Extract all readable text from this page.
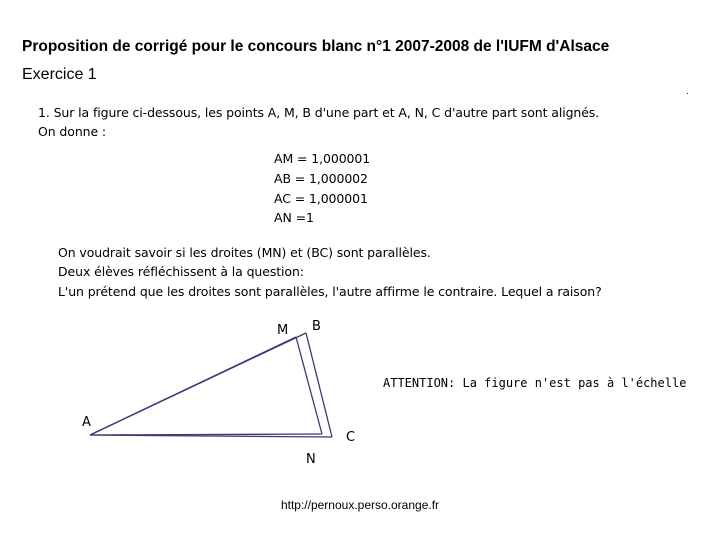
Proposition de corrigé pour le concours blanc n°1 2007-2008 de l'IUFM d'Alsace
Exercice 1
.
1. Sur la figure ci-dessous, les points A, M, B d'une part et A, N, C d'autre part sont alignés.
On donne :
AM = 1,000001
AB = 1,000002
AC = 1,000001
AN =1
On voudrait savoir si les droites (MN) et (BC) sont parallèles.
Deux élèves réfléchissent à la question:
L'un prétend que les droites sont parallèles, l'autre affirme le contraire. Lequel a raison?
M B
A
C
N
ATTENTION: La figure n'est pas à l'échelle
http://pernoux.perso.orange.fr
